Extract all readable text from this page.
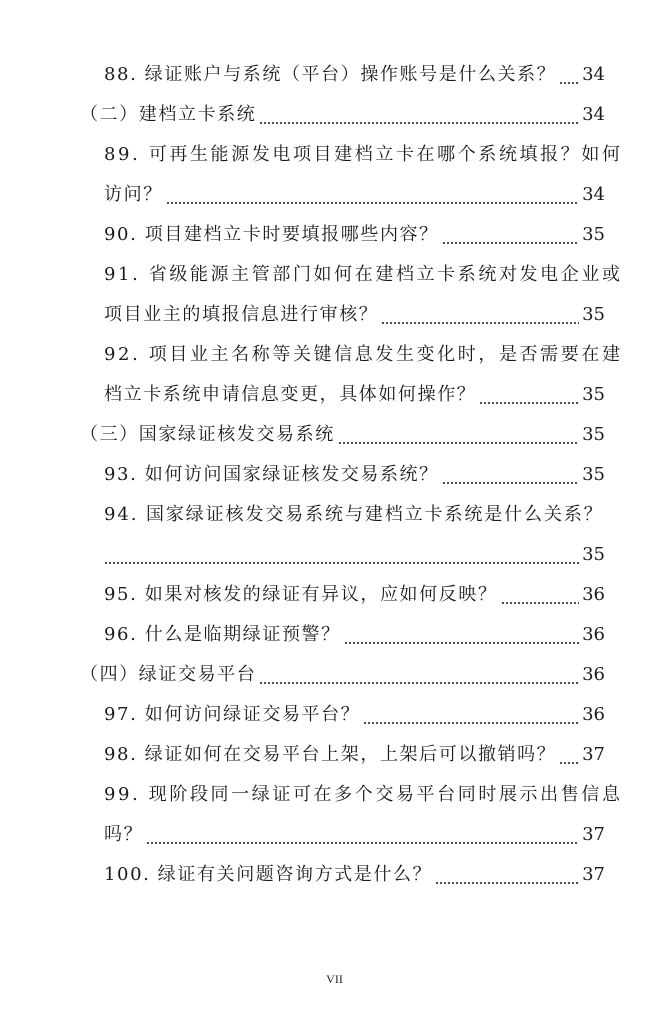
88. 绿证账户与系统（平台）操作账号是什么关系？ 34
（二）建档立卡系统	34
89. 可再生能源发电项目建档立卡在哪个系统填报？如何
访问？	34
90. 项目建档立卡时要填报哪些内容？	35
91. 省级能源主管部门如何在建档立卡系统对发电企业或
项目业主的填报信息进行审核？	35
92. 项目业主名称等关键信息发生变化时，是否需要在建
档立卡系统申请信息变更，具体如何操作？	35
（三）国家绿证核发交易系统	35
93. 如何访问国家绿证核发交易系统？	35
94. 国家绿证核发交易系统与建档立卡系统是什么关系？
35
95. 如果对核发的绿证有异议，应如何反映？	36
96. 什么是临期绿证预警？	36
（四）绿证交易平台	36
97. 如何访问绿证交易平台？	36
98. 绿证如何在交易平台上架，上架后可以撤销吗？ 37
99. 现阶段同一绿证可在多个交易平台同时展示出售信息
吗？	37
100. 绿证有关问题咨询方式是什么？	37
VII
